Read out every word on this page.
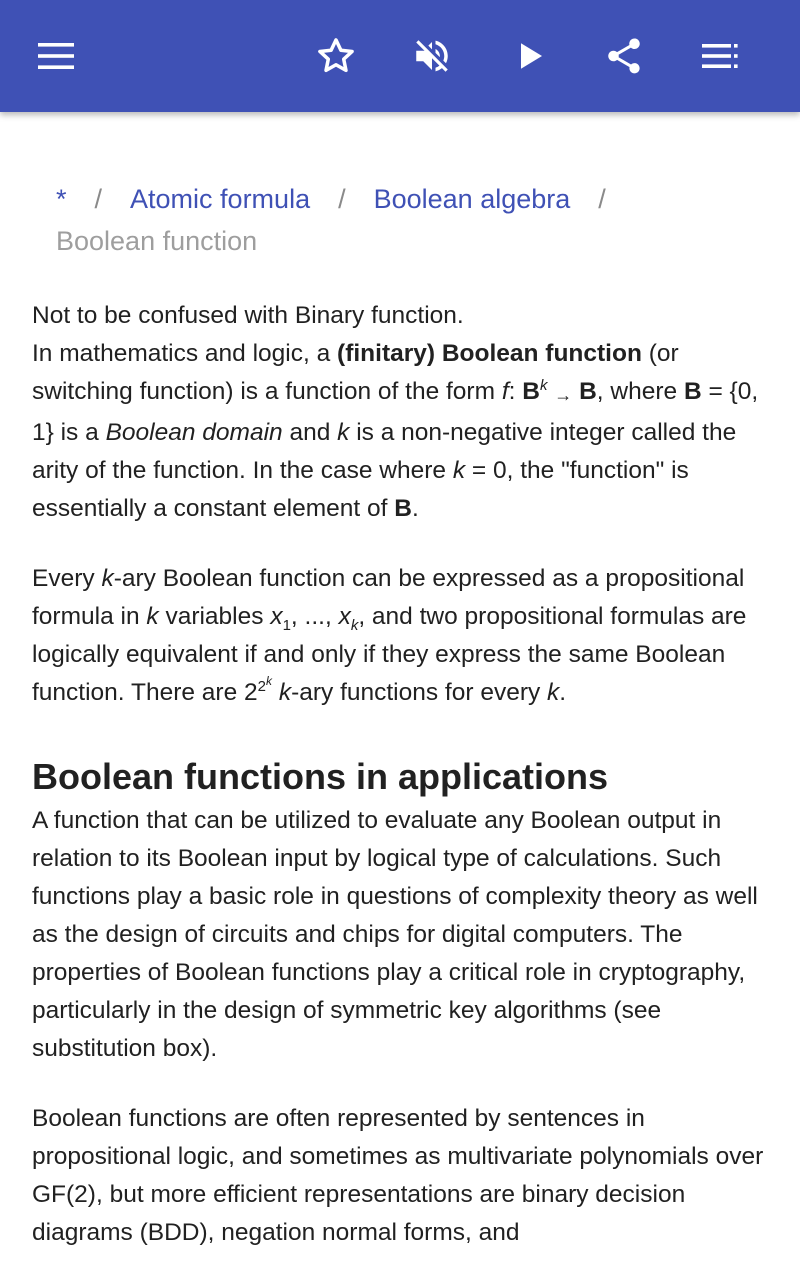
* / Atomic formula / Boolean algebra /
Boolean function

Not to be confused with Binary function.

In mathematics and logic, a (finitary) Boolean function (or switching function) is a function of the form f: $B^k \to B$, where B = {0, 1} is a Boolean domain and k is a non-negative integer called the arity of the function. In the case where k = 0, the "function" is essentially a constant element of B.

Every k-ary Boolean function can be expressed as a propositional formula in k variables $x_1$, ..., $x_k$, and two propositional formulas are logically equivalent if and only if they express the same Boolean function. There are $2^{2^k}$ k-ary functions for every k.

Boolean functions in applications

A function that can be utilized to evaluate any Boolean output in relation to its Boolean input by logical type of calculations. Such functions play a basic role in questions of complexity theory as well as the design of circuits and chips for digital computers. The properties of Boolean functions play a critical role in cryptography, particularly in the design of symmetric key algorithms (see substitution box).

Boolean functions are often represented by sentences in propositional logic, and sometimes as multivariate polynomials over GF(2), but more efficient representations are binary decision diagrams (BDD), negation normal forms, and
